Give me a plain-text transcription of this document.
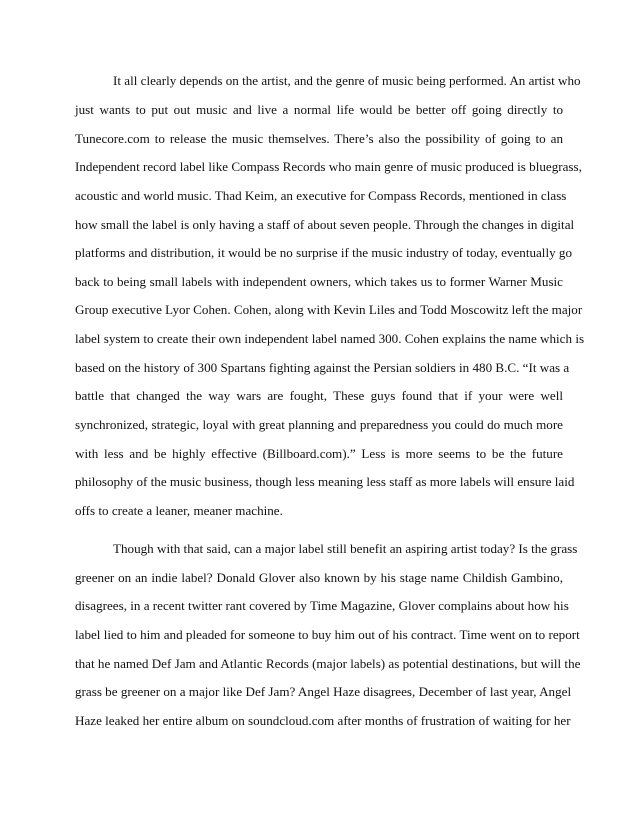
It all clearly depends on the artist, and the genre of music being performed. An artist who
just wants to put out music and live a normal life would be better off going directly to
Tunecore.com to release the music themselves. There’s also the possibility of going to an
Independent record label like Compass Records who main genre of music produced is bluegrass,
acoustic and world music. Thad Keim, an executive for Compass Records, mentioned in class
how small the label is only having a staff of about seven people. Through the changes in digital
platforms and distribution, it would be no surprise if the music industry of today, eventually go
back to being small labels with independent owners, which takes us to former Warner Music
Group executive Lyor Cohen. Cohen, along with Kevin Liles and Todd Moscowitz left the major
label system to create their own independent label named 300. Cohen explains the name which is
based on the history of 300 Spartans fighting against the Persian soldiers in 480 B.C. “It was a
battle that changed the way wars are fought, These guys found that if your were well
synchronized, strategic, loyal with great planning and preparedness you could do much more
with less and be highly effective (Billboard.com).” Less is more seems to be the future
philosophy of the music business, though less meaning less staff as more labels will ensure laid
offs to create a leaner, meaner machine.
Though with that said, can a major label still benefit an aspiring artist today? Is the grass
greener on an indie label? Donald Glover also known by his stage name Childish Gambino,
disagrees, in a recent twitter rant covered by Time Magazine, Glover complains about how his
label lied to him and pleaded for someone to buy him out of his contract. Time went on to report
that he named Def Jam and Atlantic Records (major labels) as potential destinations, but will the
grass be greener on a major like Def Jam? Angel Haze disagrees, December of last year, Angel
Haze leaked her entire album on soundcloud.com after months of frustration of waiting for her
